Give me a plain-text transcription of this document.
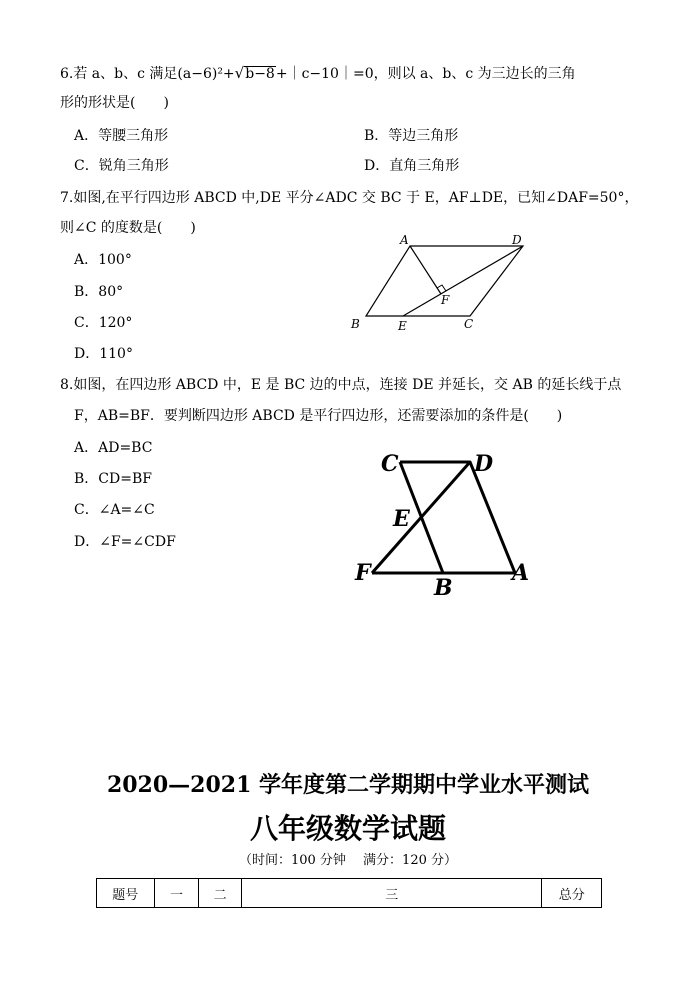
6.若 a、b、c 满足(a−6)²+√b−8+｜c−10｜=0，则以 a、b、c 为三边长的三角
形的形状是(　　)
A．等腰三角形	B．等边三角形
C．锐角三角形	D．直角三角形
7.如图,在平行四边形 ABCD 中,DE 平分∠ADC 交 BC 于 E，AF⊥DE，已知∠DAF=50°，
则∠C 的度数是(　　)
A．100°
B．80°
C．120°
D．110°
A	D
F
B	E	C
8.如图，在四边形 ABCD 中，E 是 BC 边的中点，连接 DE 并延长，交 AB 的延长线于点
F，AB=BF．要判断四边形 ABCD 是平行四边形，还需要添加的条件是(　　)
A．AD=BC
B．CD=BF
C．∠A=∠C
D．∠F=∠CDF
C	D
E
F
B
A
2020—2021 学年度第二学期期中学业水平测试
八年级数学试题
（时间：100 分钟　 满分：120 分）
题号	一	二	三	总分
